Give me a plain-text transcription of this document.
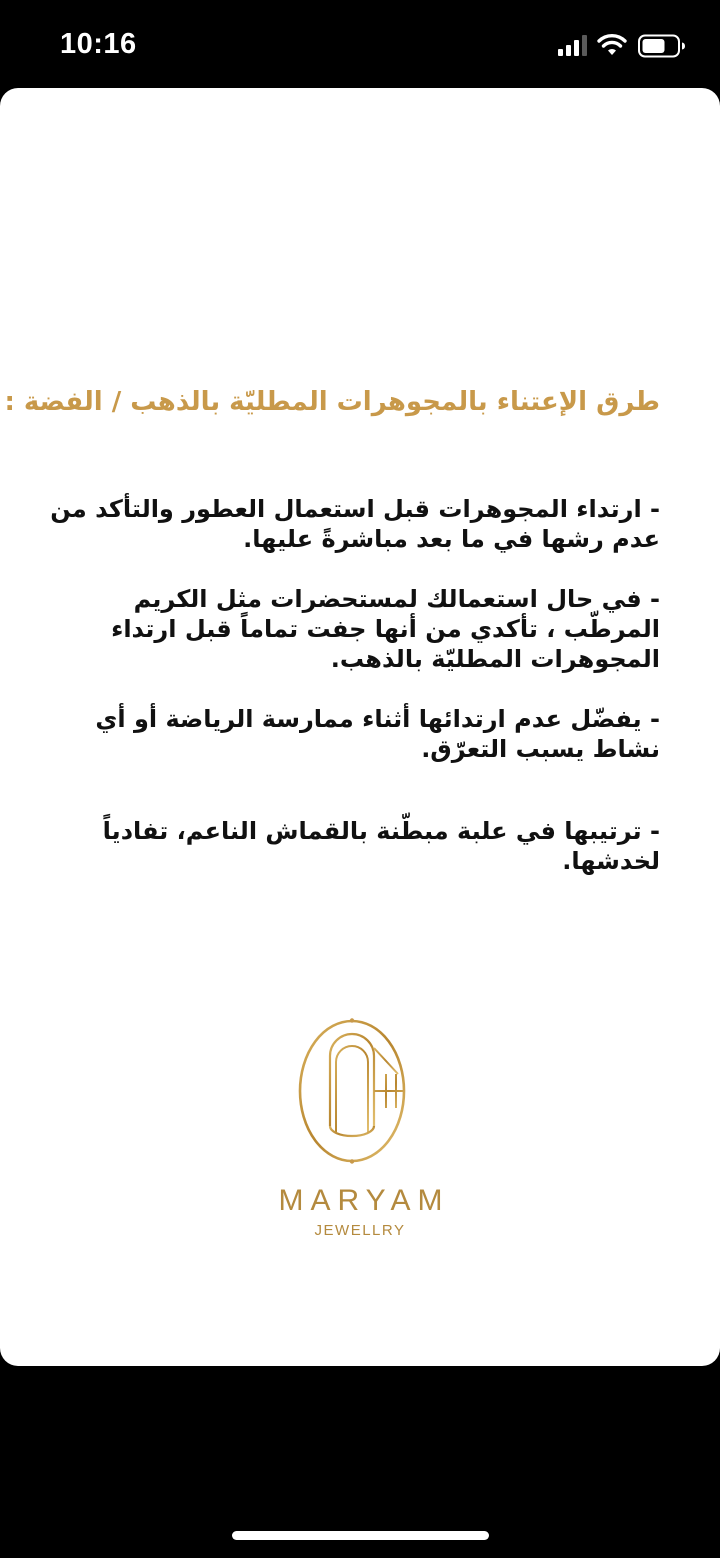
10:16
طرق الإعتناء بالمجوهرات المطليّة بالذهب / الفضة :
- ارتداء المجوهرات قبل استعمال العطور والتأكد من عدم رشها في ما بعد مباشرةً عليها.
- في حال استعمالك لمستحضرات مثل الكريم المرطّب ، تأكدي من أنها جفت تماماً قبل ارتداء المجوهرات المطليّة بالذهب.
- يفضّل عدم ارتدائها أثناء ممارسة الرياضة أو أي نشاط يسبب التعرّق.
- ترتيبها في علبة مبطّنة بالقماش الناعم، تفادياً لخدشها.
MARYAM
JEWELLRY
